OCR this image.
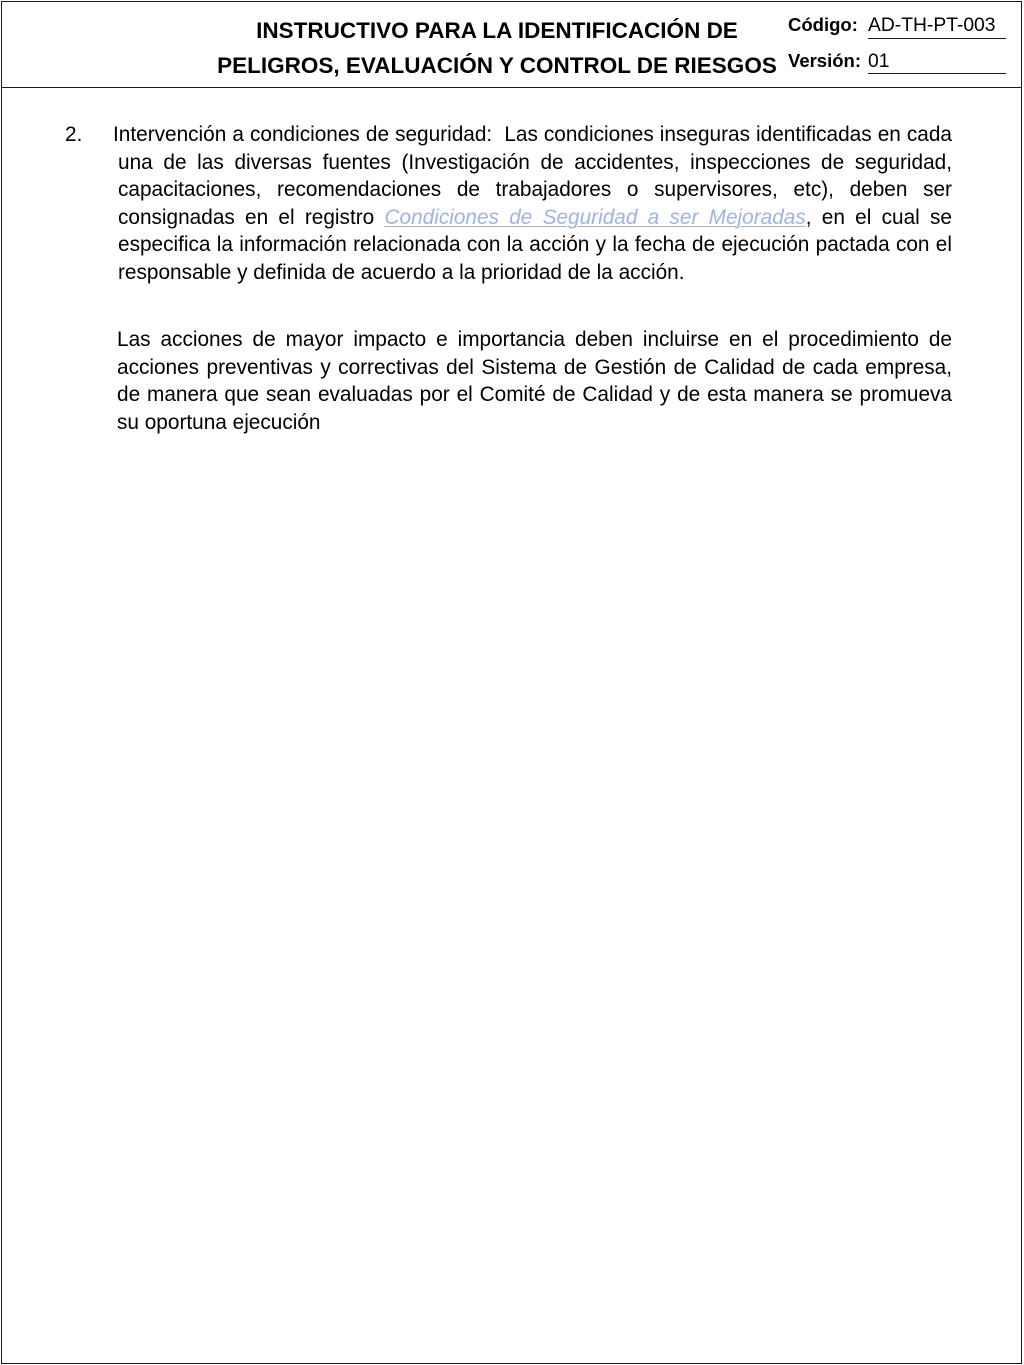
INSTRUCTIVO PARA LA IDENTIFICACIÓN DE
PELIGROS, EVALUACIÓN Y CONTROL DE RIESGOS
Código: AD-TH-PT-003
Versión: 01
2. Intervención a condiciones de seguridad:  Las condiciones inseguras identificadas en cada
una de las diversas fuentes (Investigación de accidentes, inspecciones de seguridad,
capacitaciones, recomendaciones de trabajadores o supervisores, etc), deben ser
consignadas en el registro Condiciones de Seguridad a ser Mejoradas, en el cual se
especifica la información relacionada con la acción y la fecha de ejecución pactada con el
responsable y definida de acuerdo a la prioridad de la acción.
Las acciones de mayor impacto e importancia deben incluirse en el procedimiento de
acciones preventivas y correctivas del Sistema de Gestión de Calidad de cada empresa,
de manera que sean evaluadas por el Comité de Calidad y de esta manera se promueva
su oportuna ejecución
